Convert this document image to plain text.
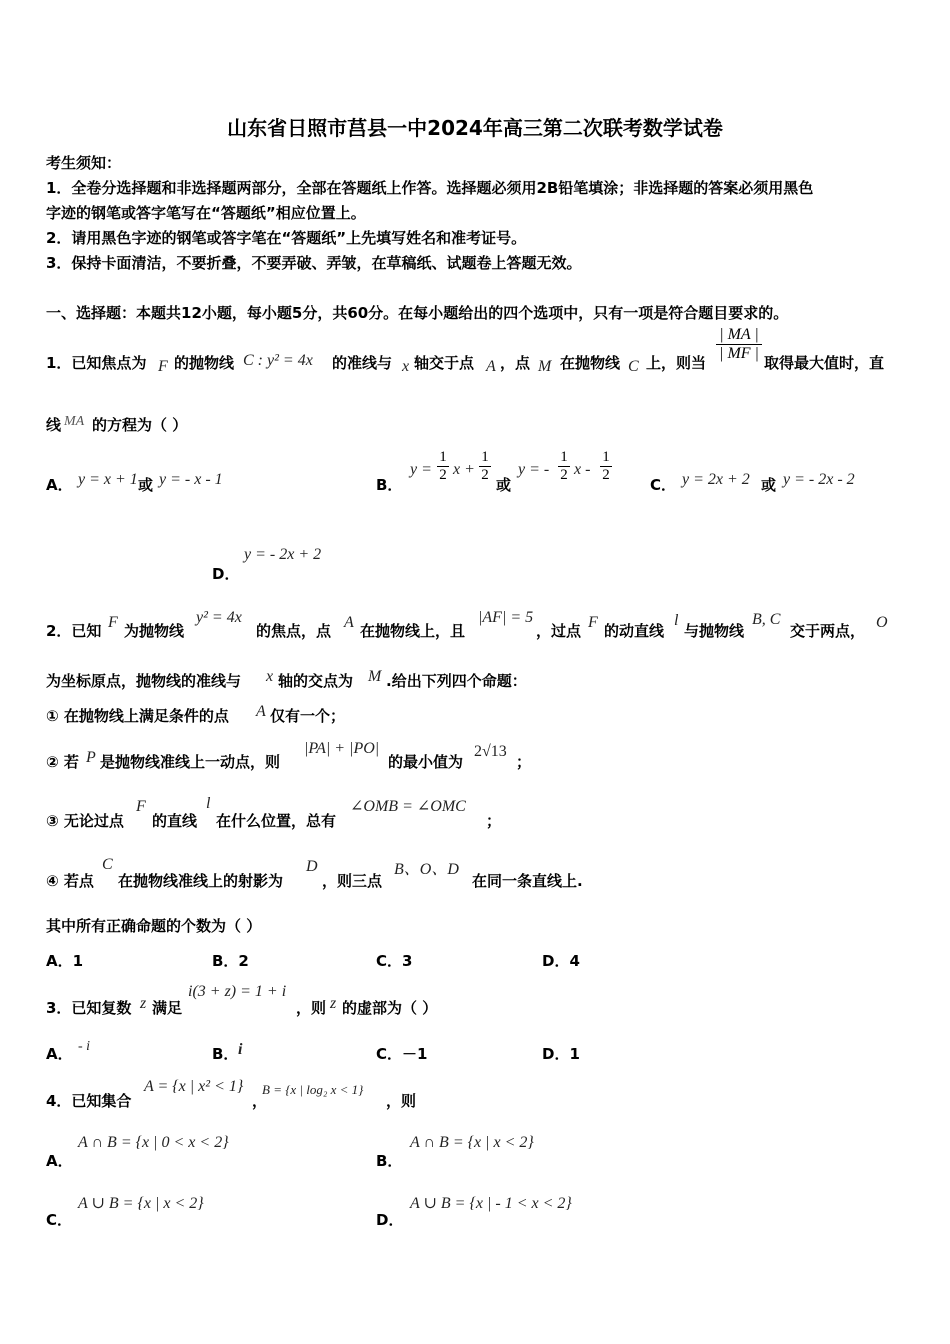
山东省日照市莒县一中2024年高三第二次联考数学试卷
考生须知：
1．全卷分选择题和非选择题两部分，全部在答题纸上作答。选择题必须用2B铅笔填涂；非选择题的答案必须用黑色
字迹的钢笔或答字笔写在“答题纸”相应位置上。
2．请用黑色字迹的钢笔或答字笔在“答题纸”上先填写姓名和准考证号。
3．保持卡面清洁，不要折叠，不要弄破、弄皱，在草稿纸、试题卷上答题无效。
一、选择题：本题共12小题，每小题5分，共60分。在每小题给出的四个选项中，只有一项是符合题目要求的。
1．已知焦点为 F 的抛物线 C : y² = 4x 的准线与 x 轴交于点 A ，点 M 在抛物线 C 上，则当 $\frac{| MA |}{| MF |}$ 取得最大值时，直
线 MA 的方程为（ ）
A． y = x + 1 或 y = - x - 1	B．
$y = \frac{1}{2}$ $x + \frac{1}{2}$
或
y = - $\frac{1}{2}$ x - $\frac{1}{2}$
C． y = 2x + 2 或 y = - 2x - 2
D．
y = - 2x + 2
2．已知 F 为抛物线
y² = 4x
的焦点，点 A 在抛物线上，且
|AF| = 5
，过点 F 的动直线
l
与抛物线
B, C
交于两点， O
为坐标原点，抛物线的准线与 x 轴的交点为 M .给出下列四个命题：
① 在抛物线上满足条件的点 A 仅有一个；
② 若 P 是抛物线准线上一动点，则
|PA| + |PO|
的最小值为
2√13
；
③ 无论过点
F
的直线
l
在什么位置，总有
∠OMB = ∠OMC
；
④ 若点
C
在抛物线准线上的射影为
D
，则三点
B、O、D
在同一条直线上.
其中所有正确命题的个数为（ ）
A．1	B．2	C．3	D．4
3．已知复数 z 满足
i(3 + z) = 1 + i
，则 z 的虚部为（ ）
A． - i	B． i	C．－1	D．1
4．已知集合
A = {x | x² < 1}
，
B = {x | log₂ x < 1}
，则
A．
A ∩ B = {x | 0 < x < 2}
B．
A ∩ B = {x | x < 2}
C．
A ∪ B = {x | x < 2}
D．
A ∪ B = {x | - 1 < x < 2}
